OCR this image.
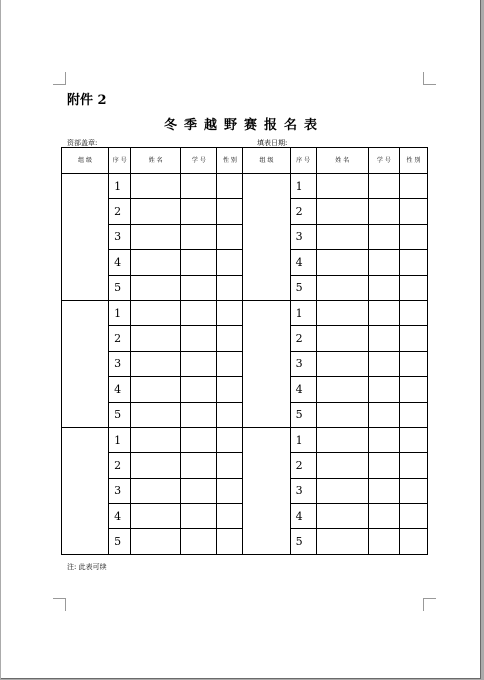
附件 2
冬季越野赛报名表
资部盖章:	填表日期:
组 级	序 号	姓 名	学 号	性 别	组 级	序 号	姓 名	学 号	性 别
	1					1			
	2					2			
	3					3			
	4					4			
	5					5			
	1					1			
	2					2			
	3					3			
	4					4			
	5					5			
	1					1			
	2					2			
	3					3			
	4					4			
	5					5			
注: 此表可续
